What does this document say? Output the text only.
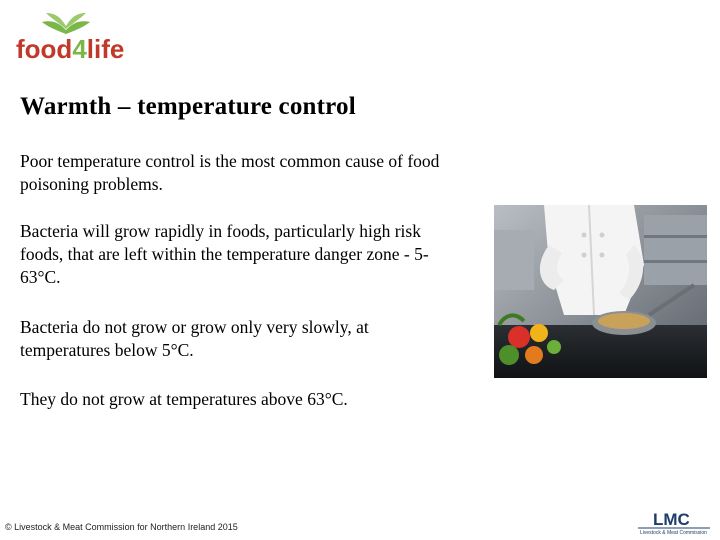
food4life
Warmth – temperature control
Poor temperature control is the most common cause of food poisoning problems.
Bacteria will grow rapidly in foods, particularly high risk foods, that are left within the temperature danger zone - 5-63°C.
Bacteria do not grow or grow only very slowly, at temperatures below 5°C.
They do not grow at temperatures above 63°C.
© Livestock & Meat Commission for Northern Ireland 2015	LMC
Livestock & Meat Commission
